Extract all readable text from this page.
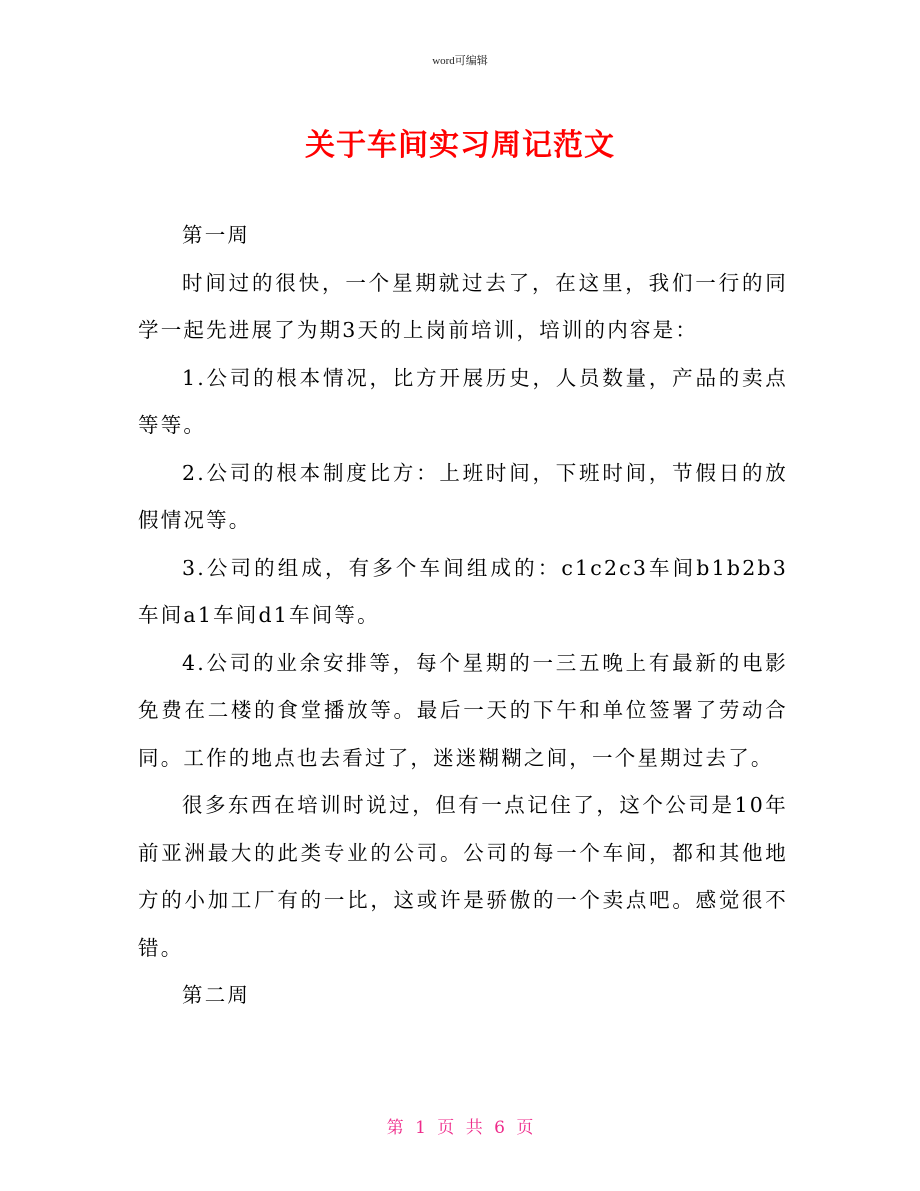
word可编辑
关于车间实习周记范文

第一周

时间过的很快，一个星期就过去了，在这里，我们一行的同学一起先进展了为期3天的上岗前培训，培训的内容是：

1.公司的根本情况，比方开展历史，人员数量，产品的卖点等等。

2.公司的根本制度比方：上班时间，下班时间，节假日的放假情况等。

3.公司的组成，有多个车间组成的：c1c2c3车间b1b2b3车间a1车间d1车间等。

4.公司的业余安排等，每个星期的一三五晚上有最新的电影免费在二楼的食堂播放等。最后一天的下午和单位签署了劳动合同。工作的地点也去看过了，迷迷糊糊之间，一个星期过去了。

很多东西在培训时说过，但有一点记住了，这个公司是10年前亚洲最大的此类专业的公司。公司的每一个车间，都和其他地方的小加工厂有的一比，这或许是骄傲的一个卖点吧。感觉很不错。

第二周

第 1 页 共 6 页
